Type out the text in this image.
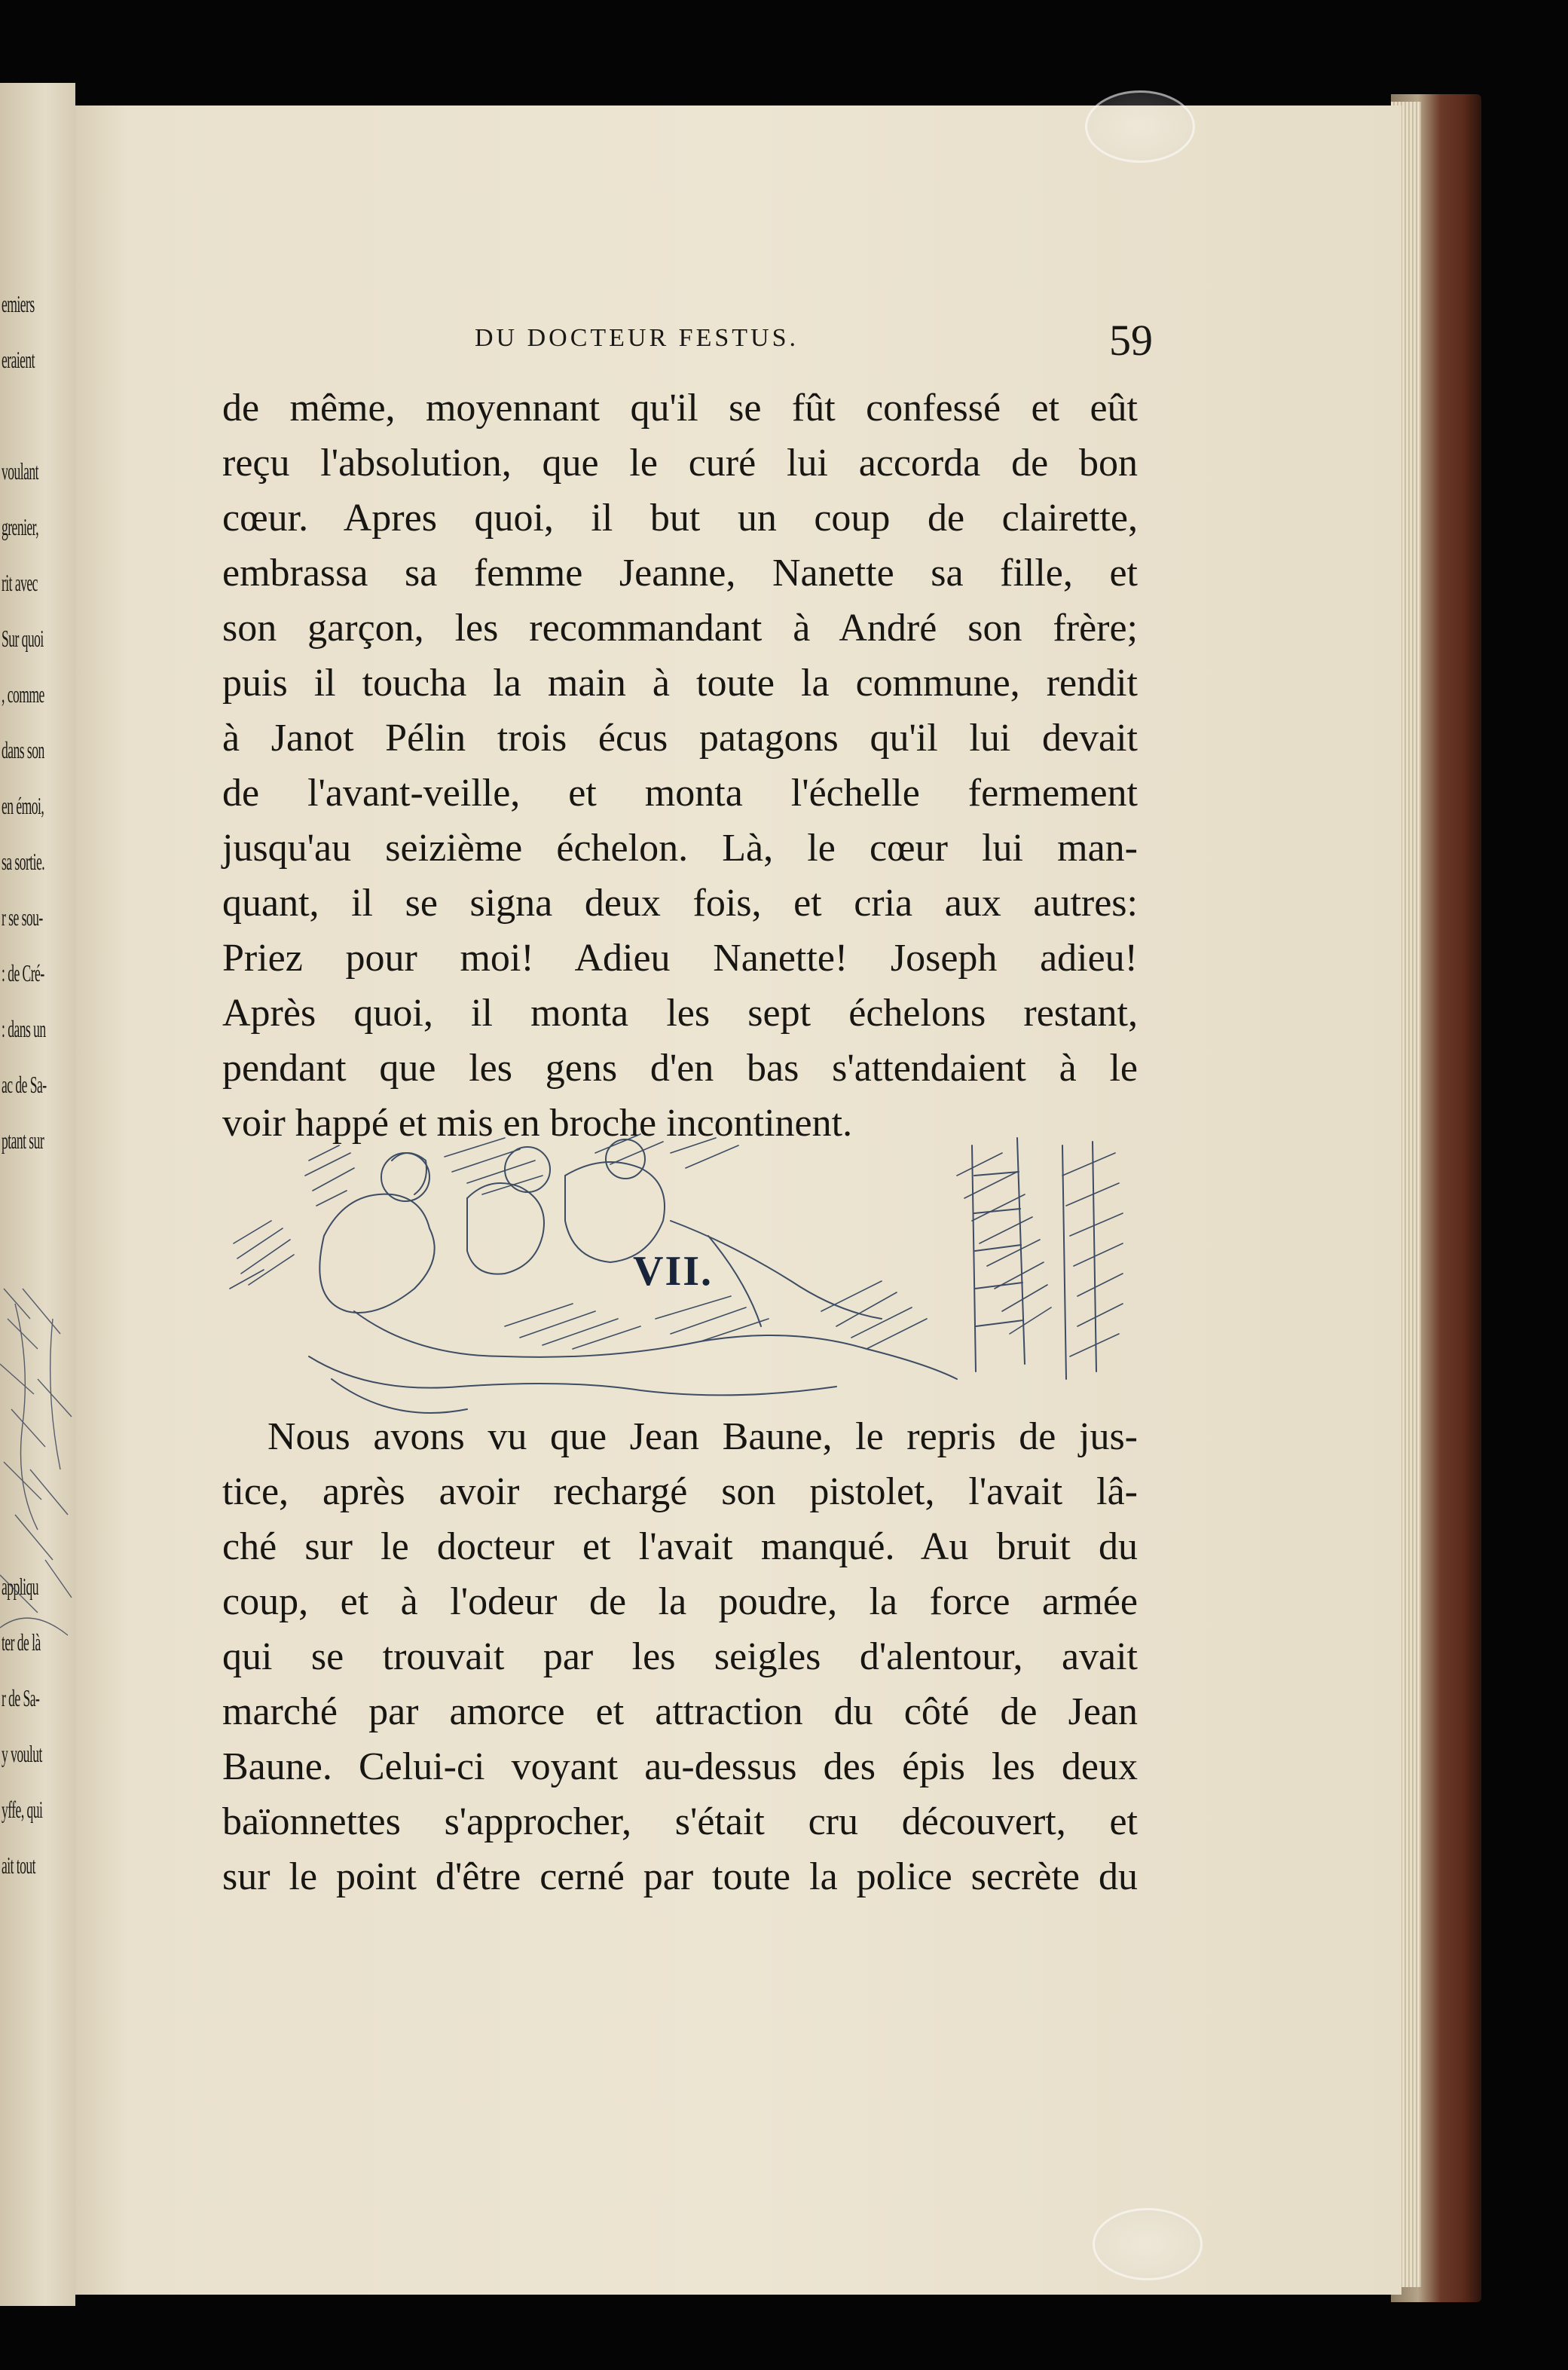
emiers
eraient
voulant
grenier,
rit avec
Sur quoi
, comme
dans son
en émoi,
sa sortie.
r se sou-
: de Cré-
: dans un
ac de Sa-
ptant sur
appliqu
ter de là
r de Sa-
y voulut
yffe, qui
ait tout
DU DOCTEUR FESTUS.	59
de même, moyennant qu'il se fût confessé et eût
reçu l'absolution, que le curé lui accorda de bon
cœur. Apres quoi, il but un coup de clairette,
embrassa sa femme Jeanne, Nanette sa fille, et
son garçon, les recommandant à André son frère;
puis il toucha la main à toute la commune, rendit
à Janot Pélin trois écus patagons qu'il lui devait
de l'avant-veille, et monta l'échelle fermement
jusqu'au seizième échelon. Là, le cœur lui man-
quant, il se signa deux fois, et cria aux autres:
Priez pour moi! Adieu Nanette! Joseph adieu!
Après quoi, il monta les sept échelons restant,
pendant que les gens d'en bas s'attendaient à le
voir happé et mis en broche incontinent.
VII.
Nous avons vu que Jean Baune, le repris de jus-
tice, après avoir rechargé son pistolet, l'avait lâ-
ché sur le docteur et l'avait manqué. Au bruit du
coup, et à l'odeur de la poudre, la force armée
qui se trouvait par les seigles d'alentour, avait
marché par amorce et attraction du côté de Jean
Baune. Celui-ci voyant au-dessus des épis les deux
baïonnettes s'approcher, s'était cru découvert, et
sur le point d'être cerné par toute la police secrète du
